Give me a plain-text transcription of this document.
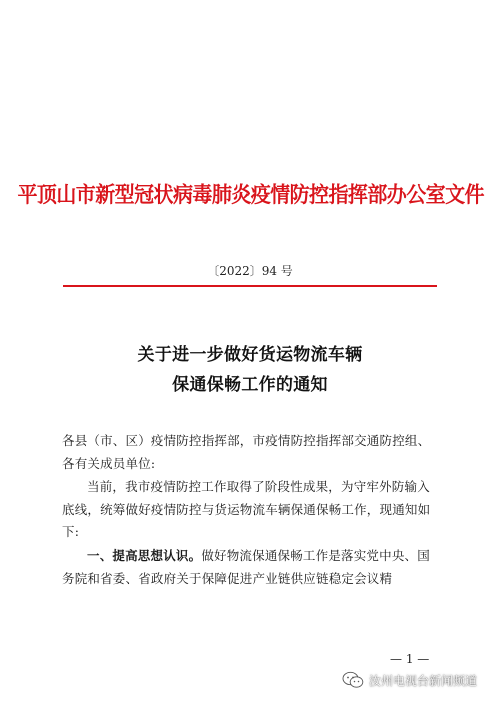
平顶山市新型冠状病毒肺炎疫情防控指挥部办公室文件
〔2022〕94 号
关于进一步做好货运物流车辆
保通保畅工作的通知
各县（市、区）疫情防控指挥部，市疫情防控指挥部交通防控组、各有关成员单位:
当前，我市疫情防控工作取得了阶段性成果，为守牢外防输入底线，统筹做好疫情防控与货运物流车辆保通保畅工作，现通知如下:
一、提高思想认识。做好物流保通保畅工作是落实党中央、国务院和省委、省政府关于保障促进产业链供应链稳定会议精
— 1 —
汝州电视台新闻频道
